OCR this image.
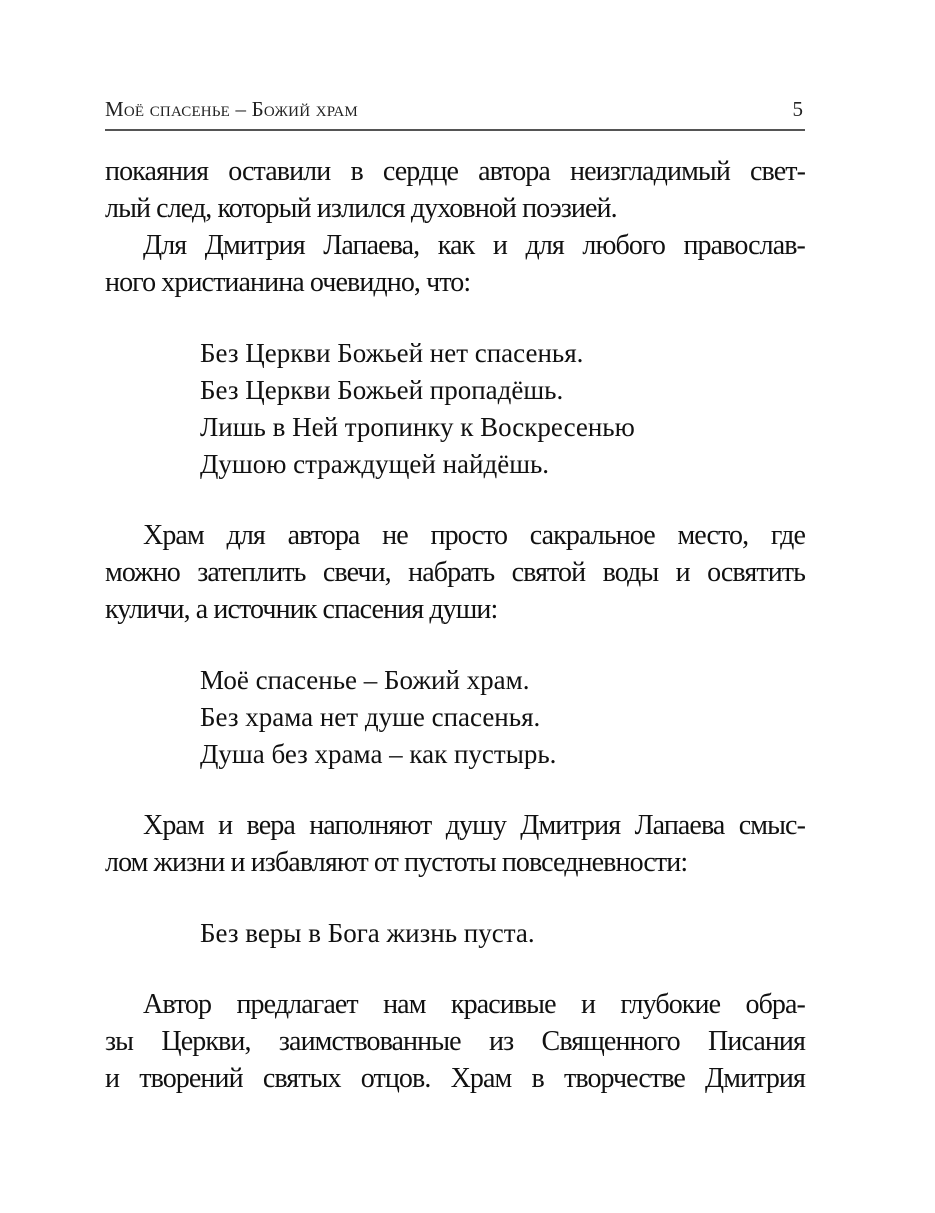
Моё спасенье – Божий храм	5
покаяния оставили в сердце автора неизгладимый свет-
лый след, который излился духовной поэзией.
Для Дмитрия Лапаева, как и для любого православ-
ного христианина очевидно, что:
Без Церкви Божьей нет спасенья.
Без Церкви Божьей пропадёшь.
Лишь в Ней тропинку к Воскресенью
Душою страждущей найдёшь.
Храм для автора не просто сакральное место, где
можно затеплить свечи, набрать святой воды и освятить
куличи, а источник спасения души:
Моё спасенье – Божий храм.
Без храма нет душе спасенья.
Душа без храма – как пустырь.
Храм и вера наполняют душу Дмитрия Лапаева смыс-
лом жизни и избавляют от пустоты повседневности:
Без веры в Бога жизнь пуста.
Автор предлагает нам красивые и глубокие обра-
зы Церкви, заимствованные из Священного Писания
и творений святых отцов. Храм в творчестве Дмитрия
